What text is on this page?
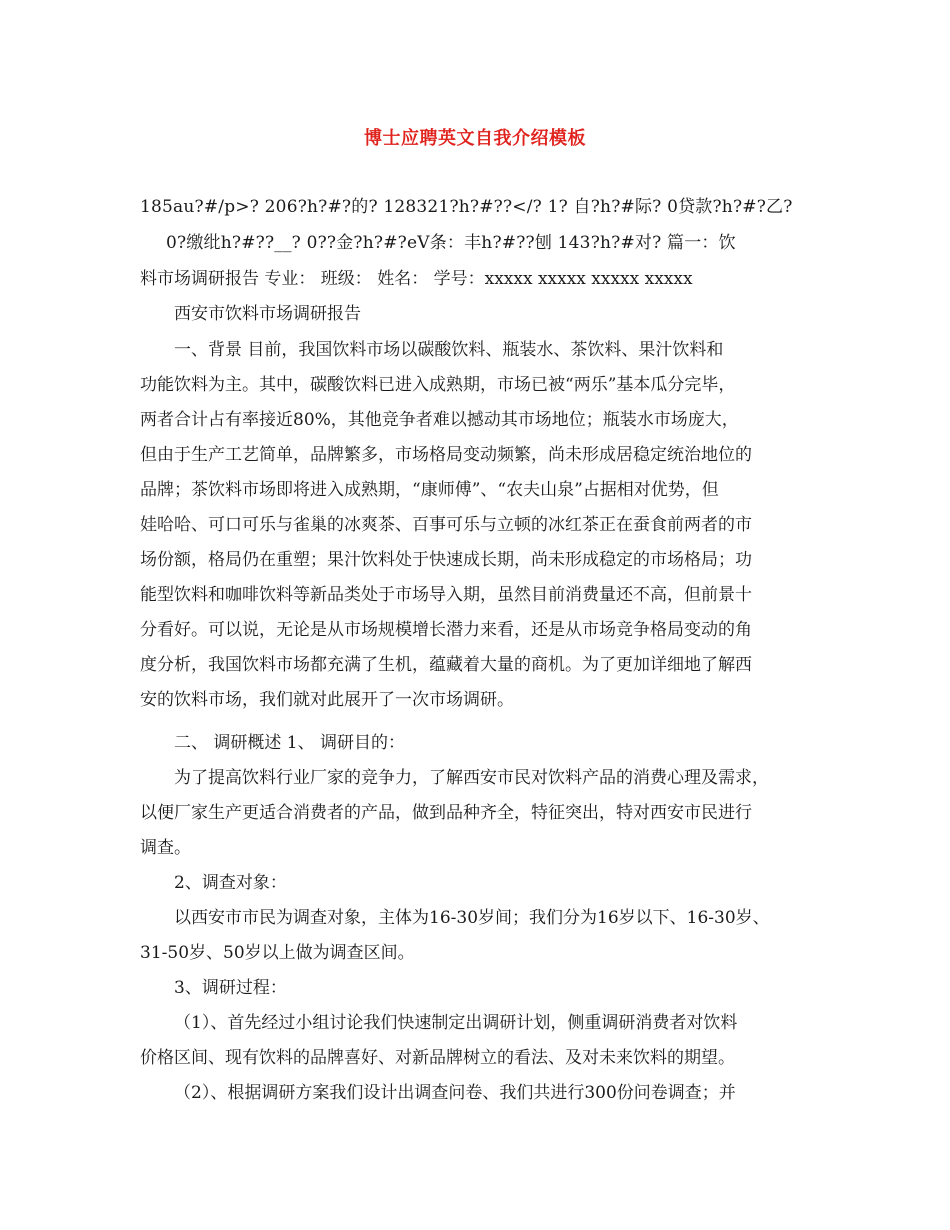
博士应聘英文自我介绍模板
185au?#/p>? 206?h?#?的? 128321?h?#??</? 1? 自?h?#际? 0贷款?h?#?乙?
0?缴纰h?#??__? 0??金?h?#?eV条：丰h?#??刨 143?h?#对? 篇一：饮
料市场调研报告 专业： 班级： 姓名： 学号：xxxxx xxxxx xxxxx xxxxx
西安市饮料市场调研报告
一、背景 目前，我国饮料市场以碳酸饮料、瓶装水、茶饮料、果汁饮料和
功能饮料为主。其中，碳酸饮料已进入成熟期，市场已被“两乐”基本瓜分完毕，
两者合计占有率接近80%，其他竞争者难以撼动其市场地位；瓶装水市场庞大，
但由于生产工艺简单，品牌繁多，市场格局变动频繁，尚未形成居稳定统治地位的
品牌；茶饮料市场即将进入成熟期，“康师傅”、“农夫山泉”占据相对优势，但
娃哈哈、可口可乐与雀巢的冰爽茶、百事可乐与立顿的冰红茶正在蚕食前两者的市
场份额，格局仍在重塑；果汁饮料处于快速成长期，尚未形成稳定的市场格局；功
能型饮料和咖啡饮料等新品类处于市场导入期，虽然目前消费量还不高，但前景十
分看好。可以说，无论是从市场规模增长潜力来看，还是从市场竞争格局变动的角
度分析，我国饮料市场都充满了生机，蕴藏着大量的商机。为了更加详细地了解西
安的饮料市场，我们就对此展开了一次市场调研。
二、 调研概述 1、 调研目的：
为了提高饮料行业厂家的竞争力，了解西安市民对饮料产品的消费心理及需求，
以便厂家生产更适合消费者的产品，做到品种齐全，特征突出，特对西安市民进行
调查。
2、调查对象：
以西安市市民为调查对象，主体为16-30岁间；我们分为16岁以下、16-30岁、
31-50岁、50岁以上做为调查区间。
3、调研过程：
（1）、首先经过小组讨论我们快速制定出调研计划，侧重调研消费者对饮料
价格区间、现有饮料的品牌喜好、对新品牌树立的看法、及对未来饮料的期望。
（2）、根据调研方案我们设计出调查问卷、我们共进行300份问卷调查；并
